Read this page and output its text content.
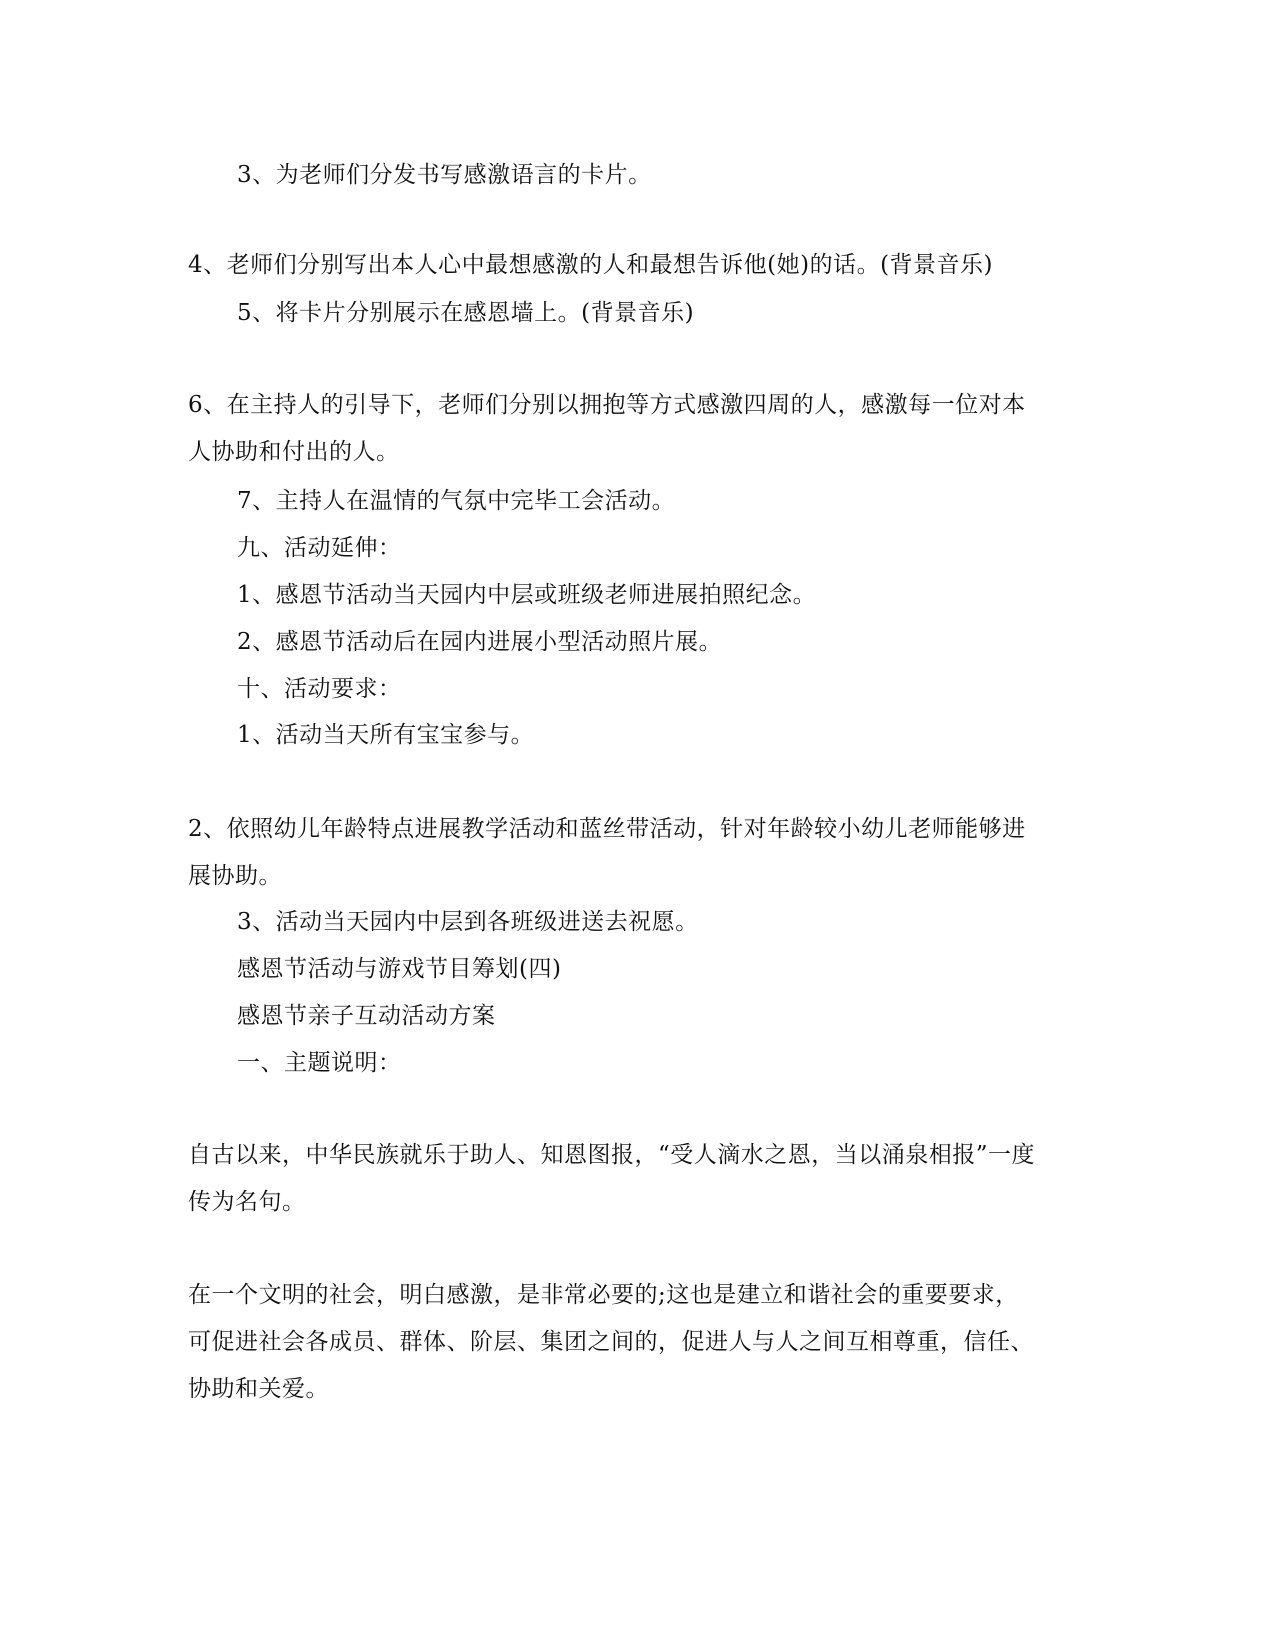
3、为老师们分发书写感激语言的卡片。
4、老师们分别写出本人心中最想感激的人和最想告诉他(她)的话。(背景音乐)
5、将卡片分别展示在感恩墙上。(背景音乐)
6、在主持人的引导下，老师们分别以拥抱等方式感激四周的人，感激每一位对本
人协助和付出的人。
7、主持人在温情的气氛中完毕工会活动。
九、活动延伸：
1、感恩节活动当天园内中层或班级老师进展拍照纪念。
2、感恩节活动后在园内进展小型活动照片展。
十、活动要求：
1、活动当天所有宝宝参与。
2、依照幼儿年龄特点进展教学活动和蓝丝带活动，针对年龄较小幼儿老师能够进
展协助。
3、活动当天园内中层到各班级进送去祝愿。
感恩节活动与游戏节目筹划(四)
感恩节亲子互动活动方案
一、主题说明：
自古以来，中华民族就乐于助人、知恩图报，“受人滴水之恩，当以涌泉相报”一度
传为名句。
在一个文明的社会，明白感激，是非常必要的;这也是建立和谐社会的重要要求，
可促进社会各成员、群体、阶层、集团之间的，促进人与人之间互相尊重，信任、
协助和关爱。
